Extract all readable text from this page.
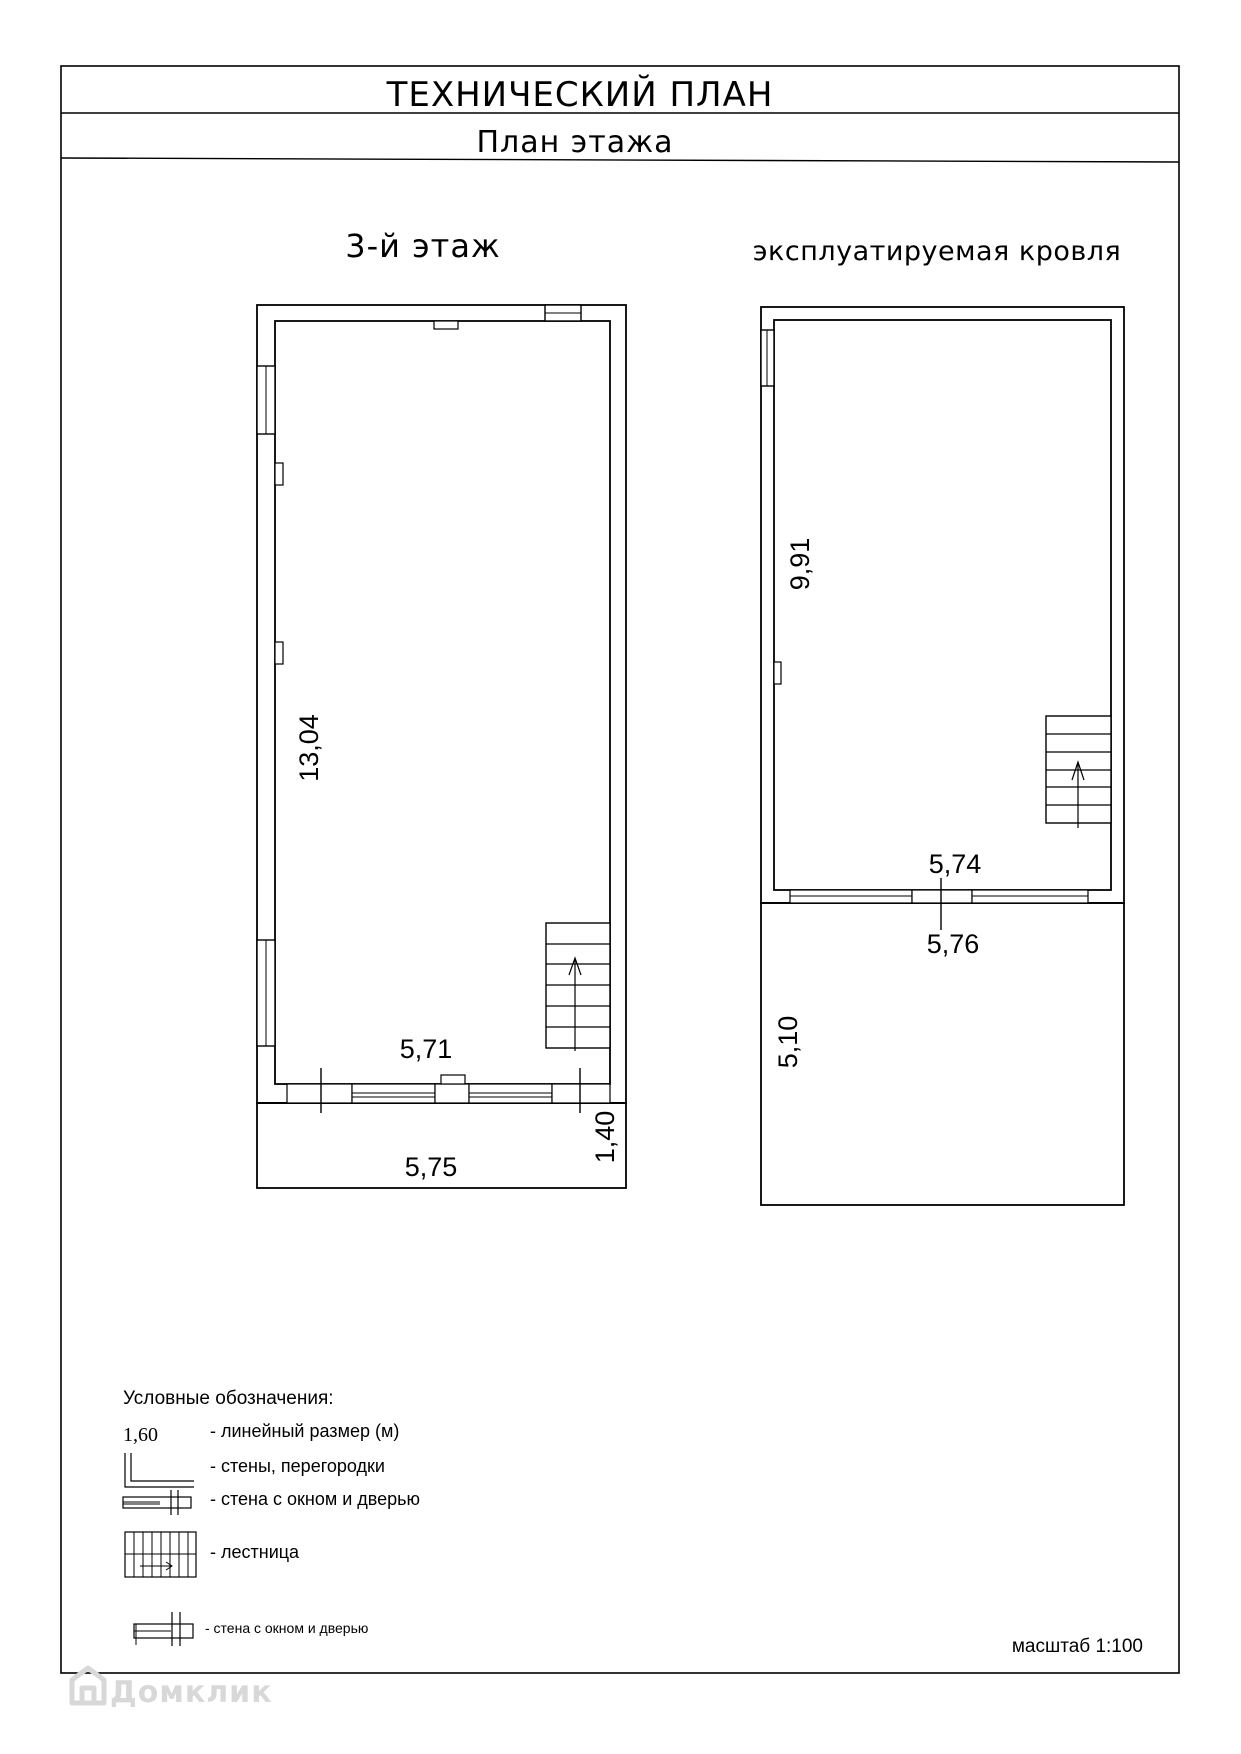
ТЕХНИЧЕСКИЙ ПЛАН
План этажа
3-й этаж
13,04
5,71
5,75
1,40
эксплуатируемая кровля
9,91
5,74
5,76
5,10
Условные обозначения:
1,60	- линейный размер (м)
- стены, перегородки
- стена с окном и дверью
- лестница
- стена с окном и дверью
масштаб 1:100
Домклик
